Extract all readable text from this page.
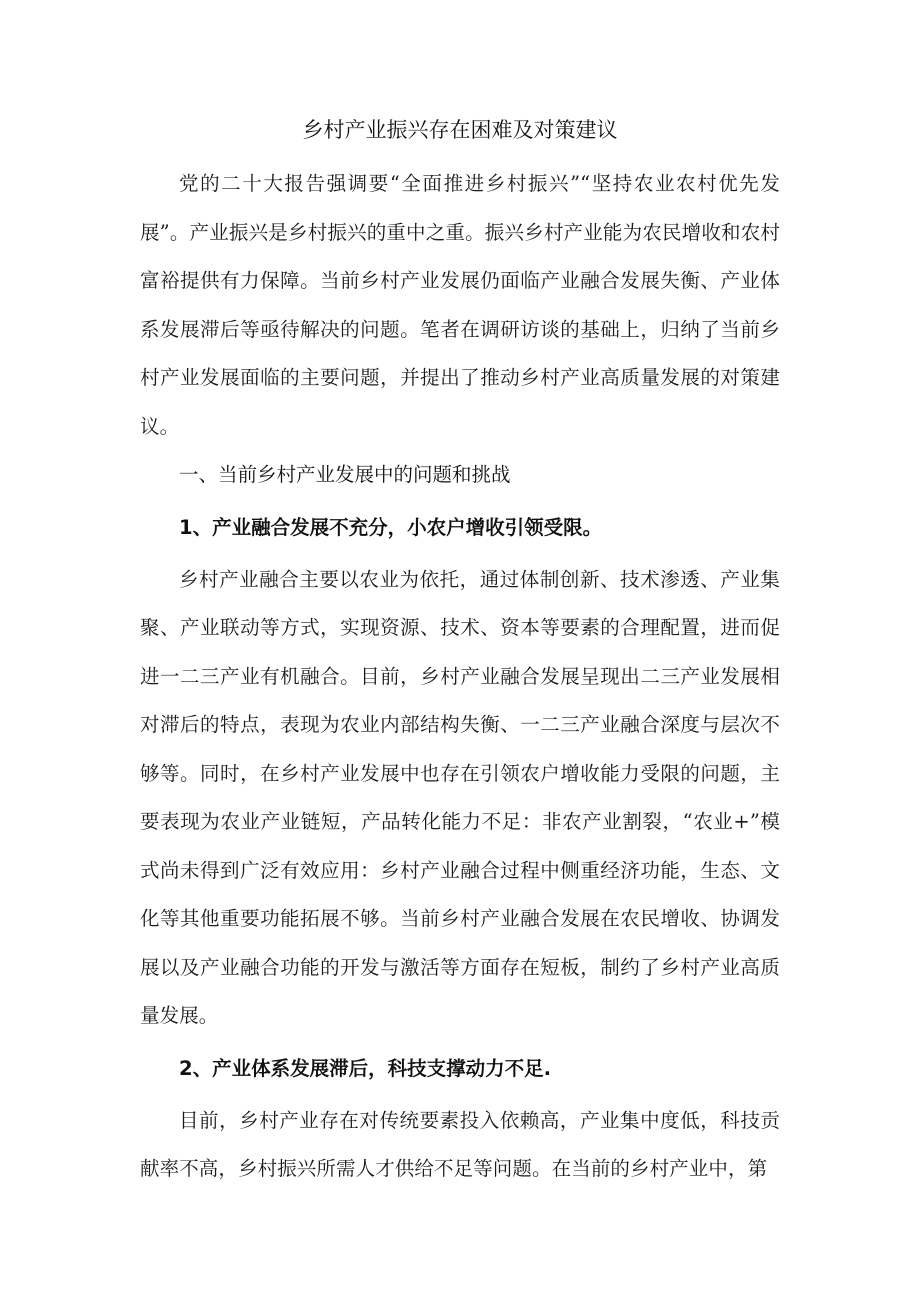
乡村产业振兴存在困难及对策建议

党的二十大报告强调要“全面推进乡村振兴”“坚持农业农村优先发展”。产业振兴是乡村振兴的重中之重。振兴乡村产业能为农民增收和农村富裕提供有力保障。当前乡村产业发展仍面临产业融合发展失衡、产业体系发展滞后等亟待解决的问题。笔者在调研访谈的基础上，归纳了当前乡村产业发展面临的主要问题，并提出了推动乡村产业高质量发展的对策建议。

一、当前乡村产业发展中的问题和挑战

1、产业融合发展不充分，小农户增收引领受限。

乡村产业融合主要以农业为依托，通过体制创新、技术渗透、产业集聚、产业联动等方式，实现资源、技术、资本等要素的合理配置，进而促进一二三产业有机融合。目前，乡村产业融合发展呈现出二三产业发展相对滞后的特点，表现为农业内部结构失衡、一二三产业融合深度与层次不够等。同时，在乡村产业发展中也存在引领农户增收能力受限的问题，主要表现为农业产业链短，产品转化能力不足：非农产业割裂，“农业+”模式尚未得到广泛有效应用：乡村产业融合过程中侧重经济功能，生态、文化等其他重要功能拓展不够。当前乡村产业融合发展在农民增收、协调发展以及产业融合功能的开发与激活等方面存在短板，制约了乡村产业高质量发展。

2、产业体系发展滞后，科技支撑动力不足.

目前，乡村产业存在对传统要素投入依赖高，产业集中度低，科技贡献率不高，乡村振兴所需人才供给不足等问题。在当前的乡村产业中，第
